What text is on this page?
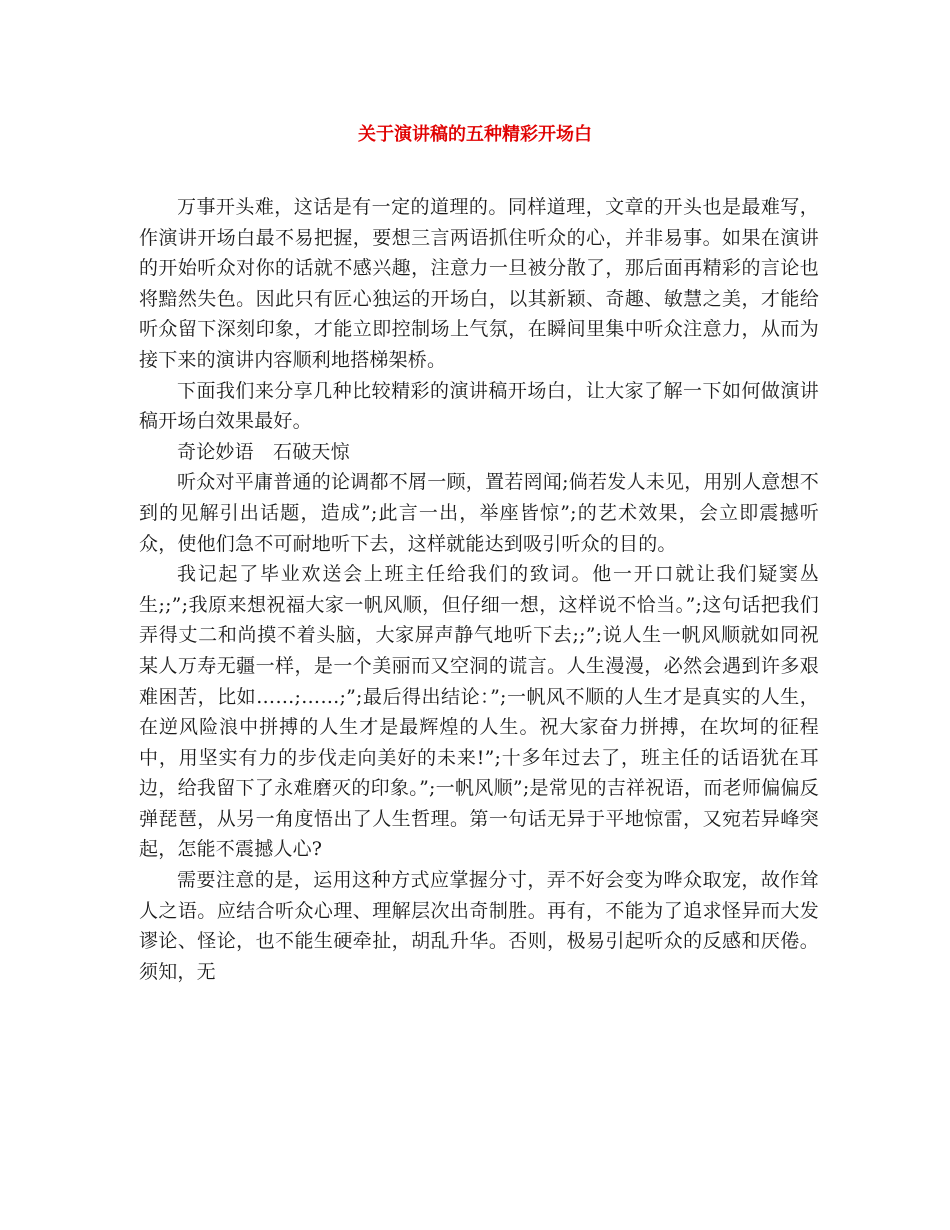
关于演讲稿的五种精彩开场白

万事开头难，这话是有一定的道理的。同样道理，文章的开头也是最难写，作演讲开场白最不易把握，要想三言两语抓住听众的心，并非易事。如果在演讲的开始听众对你的话就不感兴趣，注意力一旦被分散了，那后面再精彩的言论也将黯然失色。因此只有匠心独运的开场白，以其新颖、奇趣、敏慧之美，才能给听众留下深刻印象，才能立即控制场上气氛，在瞬间里集中听众注意力，从而为接下来的演讲内容顺利地搭梯架桥。

下面我们来分享几种比较精彩的演讲稿开场白，让大家了解一下如何做演讲稿开场白效果最好。

奇论妙语　石破天惊

听众对平庸普通的论调都不屑一顾，置若罔闻;倘若发人未见，用别人意想不到的见解引出话题，造成”;此言一出，举座皆惊”;的艺术效果，会立即震撼听众，使他们急不可耐地听下去，这样就能达到吸引听众的目的。

我记起了毕业欢送会上班主任给我们的致词。他一开口就让我们疑窦丛生;;”;我原来想祝福大家一帆风顺，但仔细一想，这样说不恰当。”;这句话把我们弄得丈二和尚摸不着头脑，大家屏声静气地听下去;;”;说人生一帆风顺就如同祝某人万寿无疆一样，是一个美丽而又空洞的谎言。人生漫漫，必然会遇到许多艰难困苦，比如……;……;”;最后得出结论：”;一帆风不顺的人生才是真实的人生，在逆风险浪中拼搏的人生才是最辉煌的人生。祝大家奋力拼搏，在坎坷的征程中，用坚实有力的步伐走向美好的未来!”;十多年过去了，班主任的话语犹在耳边，给我留下了永难磨灭的印象。”;一帆风顺”;是常见的吉祥祝语，而老师偏偏反弹琵琶，从另一角度悟出了人生哲理。第一句话无异于平地惊雷，又宛若异峰突起，怎能不震撼人心?

需要注意的是，运用这种方式应掌握分寸，弄不好会变为哗众取宠，故作耸人之语。应结合听众心理、理解层次出奇制胜。再有，不能为了追求怪异而大发谬论、怪论，也不能生硬牵扯，胡乱升华。否则，极易引起听众的反感和厌倦。须知，无
